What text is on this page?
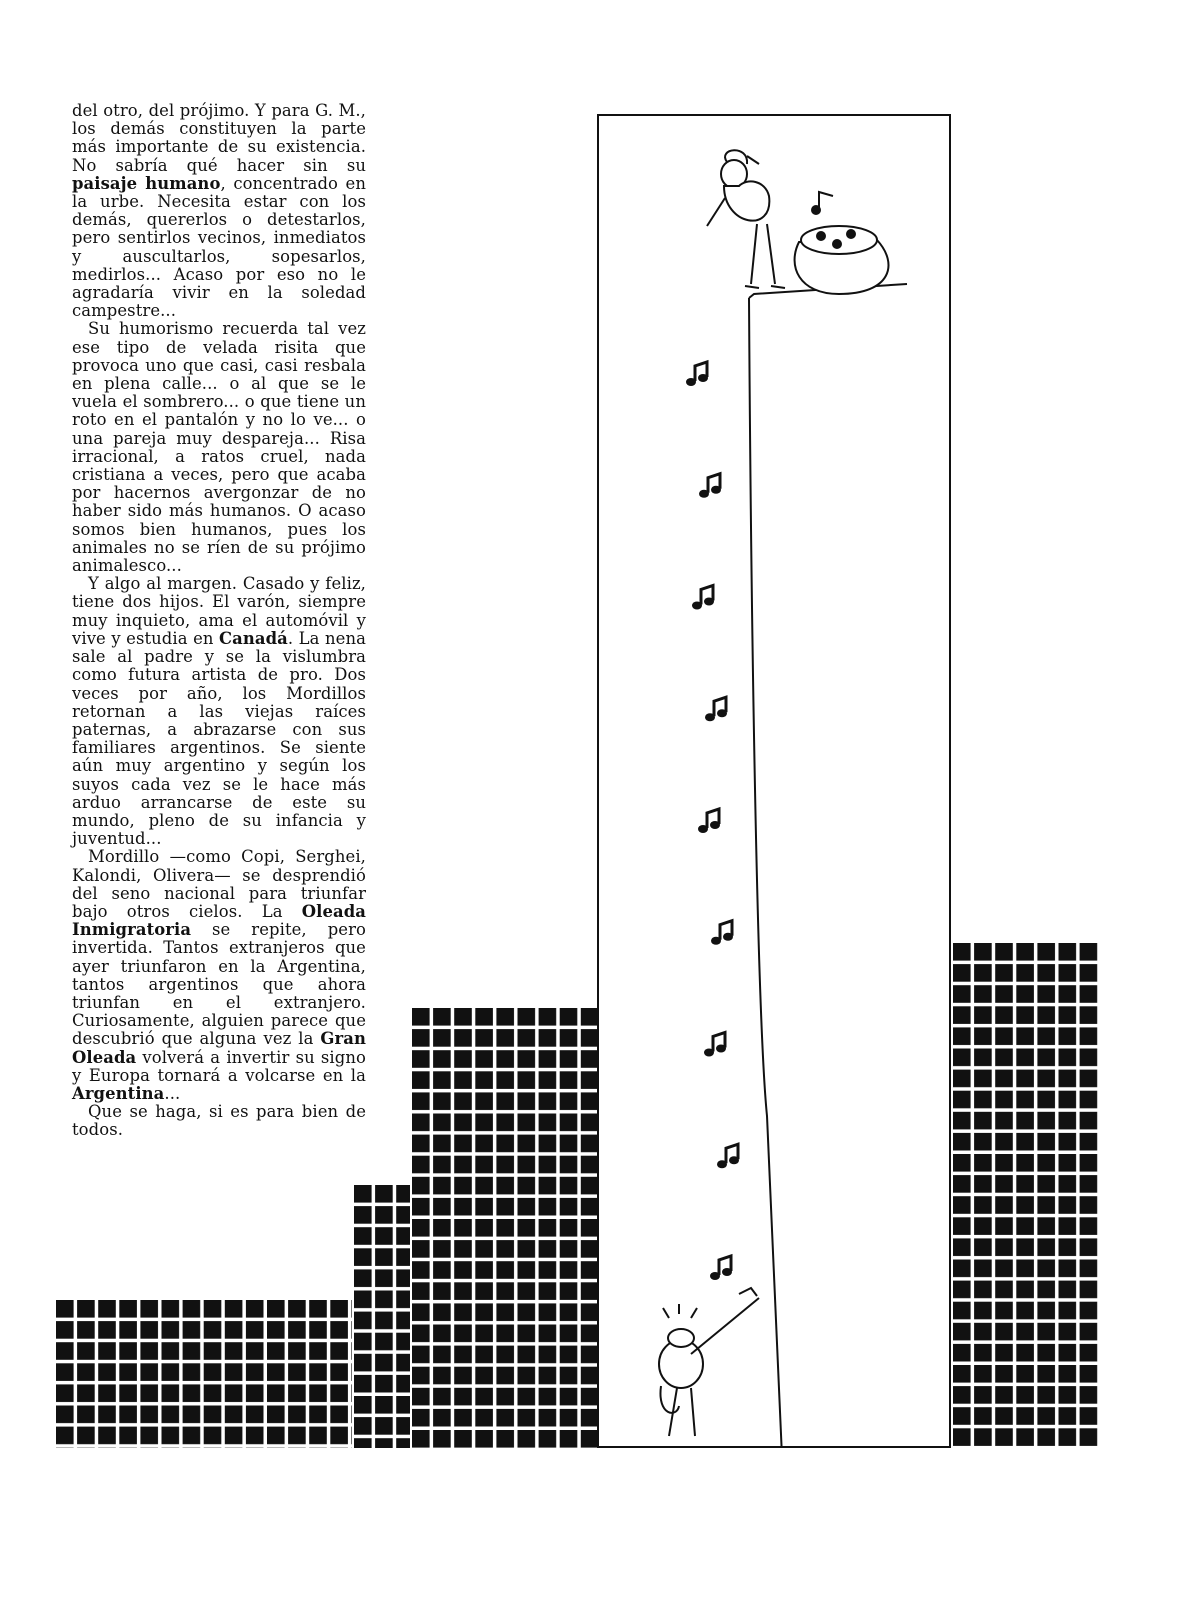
del otro, del prójimo. Y para G. M., los demás constituyen la parte más importante de su existencia. No sabría qué hacer sin su paisaje humano, concentrado en la urbe. Necesita estar con los demás, quererlos o detestarlos, pero sentirlos vecinos, inmediatos y auscultarlos, sopesarlos, medirlos... Acaso por eso no le agradaría vivir en la soledad campestre...

Su humorismo recuerda tal vez ese tipo de velada risita que provoca uno que casi, casi resbala en plena calle... o al que se le vuela el sombrero... o que tiene un roto en el pantalón y no lo ve... o una pareja muy despareja... Risa irracional, a ratos cruel, nada cristiana a veces, pero que acaba por hacernos avergonzar de no haber sido más humanos. O acaso somos bien humanos, pues los animales no se ríen de su prójimo animalesco...

Y algo al margen. Casado y feliz, tiene dos hijos. El varón, siempre muy inquieto, ama el automóvil y vive y estudia en Canadá. La nena sale al padre y se la vislumbra como futura artista de pro. Dos veces por año, los Mordillos retornan a las viejas raíces paternas, a abrazarse con sus familiares argentinos. Se siente aún muy argentino y según los suyos cada vez se le hace más arduo arrancarse de este su mundo, pleno de su infancia y juventud...

Mordillo —como Copi, Serghei, Kalondi, Olivera— se desprendió del seno nacional para triunfar bajo otros cielos. La Oleada Inmigratoria se repite, pero invertida. Tantos extranjeros que ayer triunfaron en la Argentina, tantos argentinos que ahora triunfan en el extranjero. Curiosamente, alguien parece que descubrió que alguna vez la Gran Oleada volverá a invertir su signo y Europa tornará a volcarse en la Argentina...

Que se haga, si es para bien de todos.
